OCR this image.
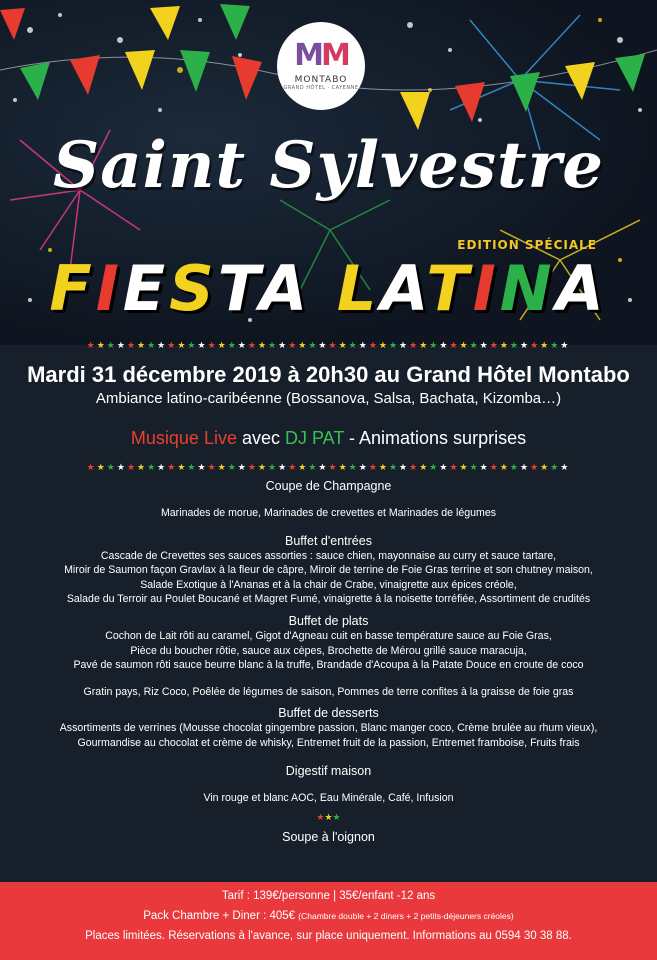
MM
MONTABO
GRAND HÔTEL · CAYENNE
Saint Sylvestre
EDITION SPÉCIALE
FIESTA LATINA
★★★★★★★★★★★★★★★★★★★★★★★★★★★★★★★★★★★★★★★★★★★★★★★★
Mardi 31 décembre 2019 à 20h30 au Grand Hôtel Montabo
Ambiance latino-caribéenne (Bossanova, Salsa, Bachata, Kizomba…)
Musique Live avec DJ PAT - Animations surprises
★★★★★★★★★★★★★★★★★★★★★★★★★★★★★★★★★★★★★★★★★★★★★★★★
Coupe de Champagne
Marinades de morue, Marinades de crevettes et Marinades de légumes
Buffet d'entrées
Cascade de Crevettes ses sauces assorties : sauce chien, mayonnaise au curry et sauce tartare,
Miroir de Saumon façon Gravlax à la fleur de câpre, Miroir de terrine de Foie Gras terrine et son chutney maison,
Salade Exotique à l'Ananas et à la chair de Crabe, vinaigrette aux épices créole,
Salade du Terroir au Poulet Boucané et Magret Fumé, vinaigrette à la noisette torréfiée, Assortiment de crudités
Buffet de plats
Cochon de Lait rôti au caramel, Gigot d'Agneau cuit en basse température sauce au Foie Gras,
Pièce du boucher rôtie, sauce aux cèpes, Brochette de Mérou grillé sauce maracuja,
Pavé de saumon rôti sauce beurre blanc à la truffe, Brandade d'Acoupa à la Patate Douce en croute de coco
Gratin pays, Riz Coco, Poêlée de légumes de saison, Pommes de terre confites à la graisse de foie gras
Buffet de desserts
Assortiments de verrines (Mousse chocolat gingembre passion, Blanc manger coco, Crème brulée au rhum vieux),
Gourmandise au chocolat et crème de whisky, Entremet fruit de la passion, Entremet framboise, Fruits frais
Digestif maison
Vin rouge et blanc AOC, Eau Minérale, Café, Infusion
★★★
Soupe à l'oignon
Tarif : 139€/personne | 35€/enfant -12 ans
Pack Chambre + Diner : 405€ (Chambre double + 2 diners + 2 petits-déjeuners créoles)
Places limitées. Réservations à l'avance, sur place uniquement. Informations au 0594 30 38 88.
